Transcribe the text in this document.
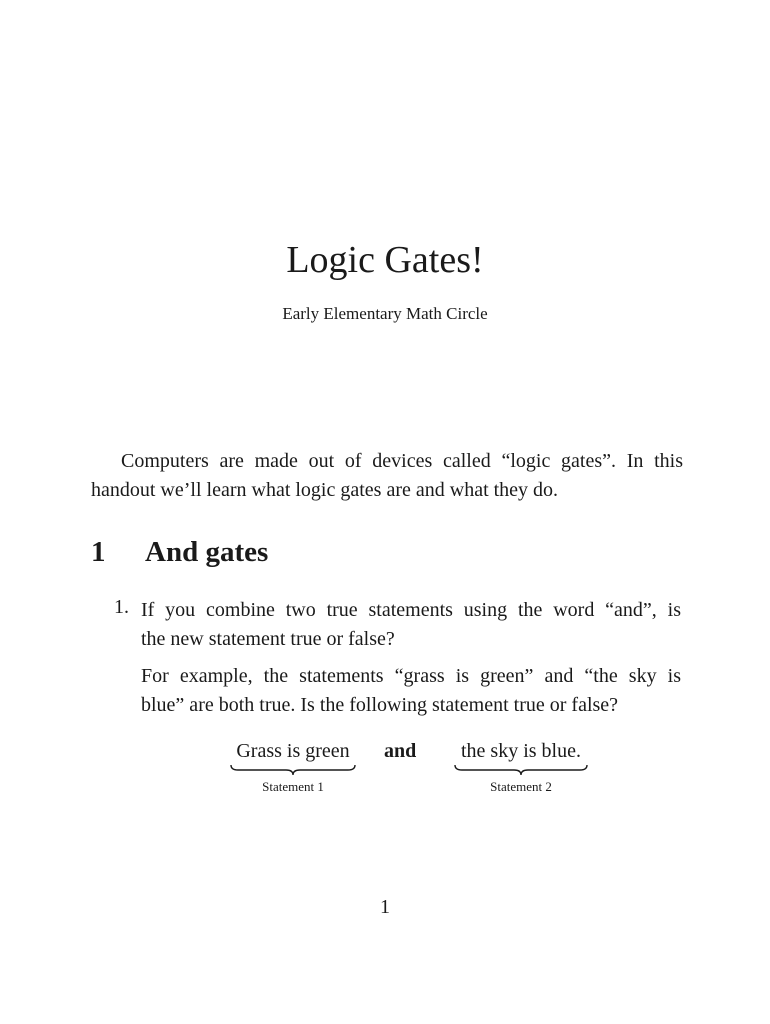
Logic Gates!
Early Elementary Math Circle
Computers are made out of devices called “logic gates”. In this
handout we’ll learn what logic gates are and what they do.
1 And gates
1. If you combine two true statements using the word “and”, is
the new statement true or false?
For example, the statements “grass is green” and “the sky is
blue” are both true. Is the following statement true or false?
Grass is green
Statement 1
and	the sky is blue.
Statement 2
1
